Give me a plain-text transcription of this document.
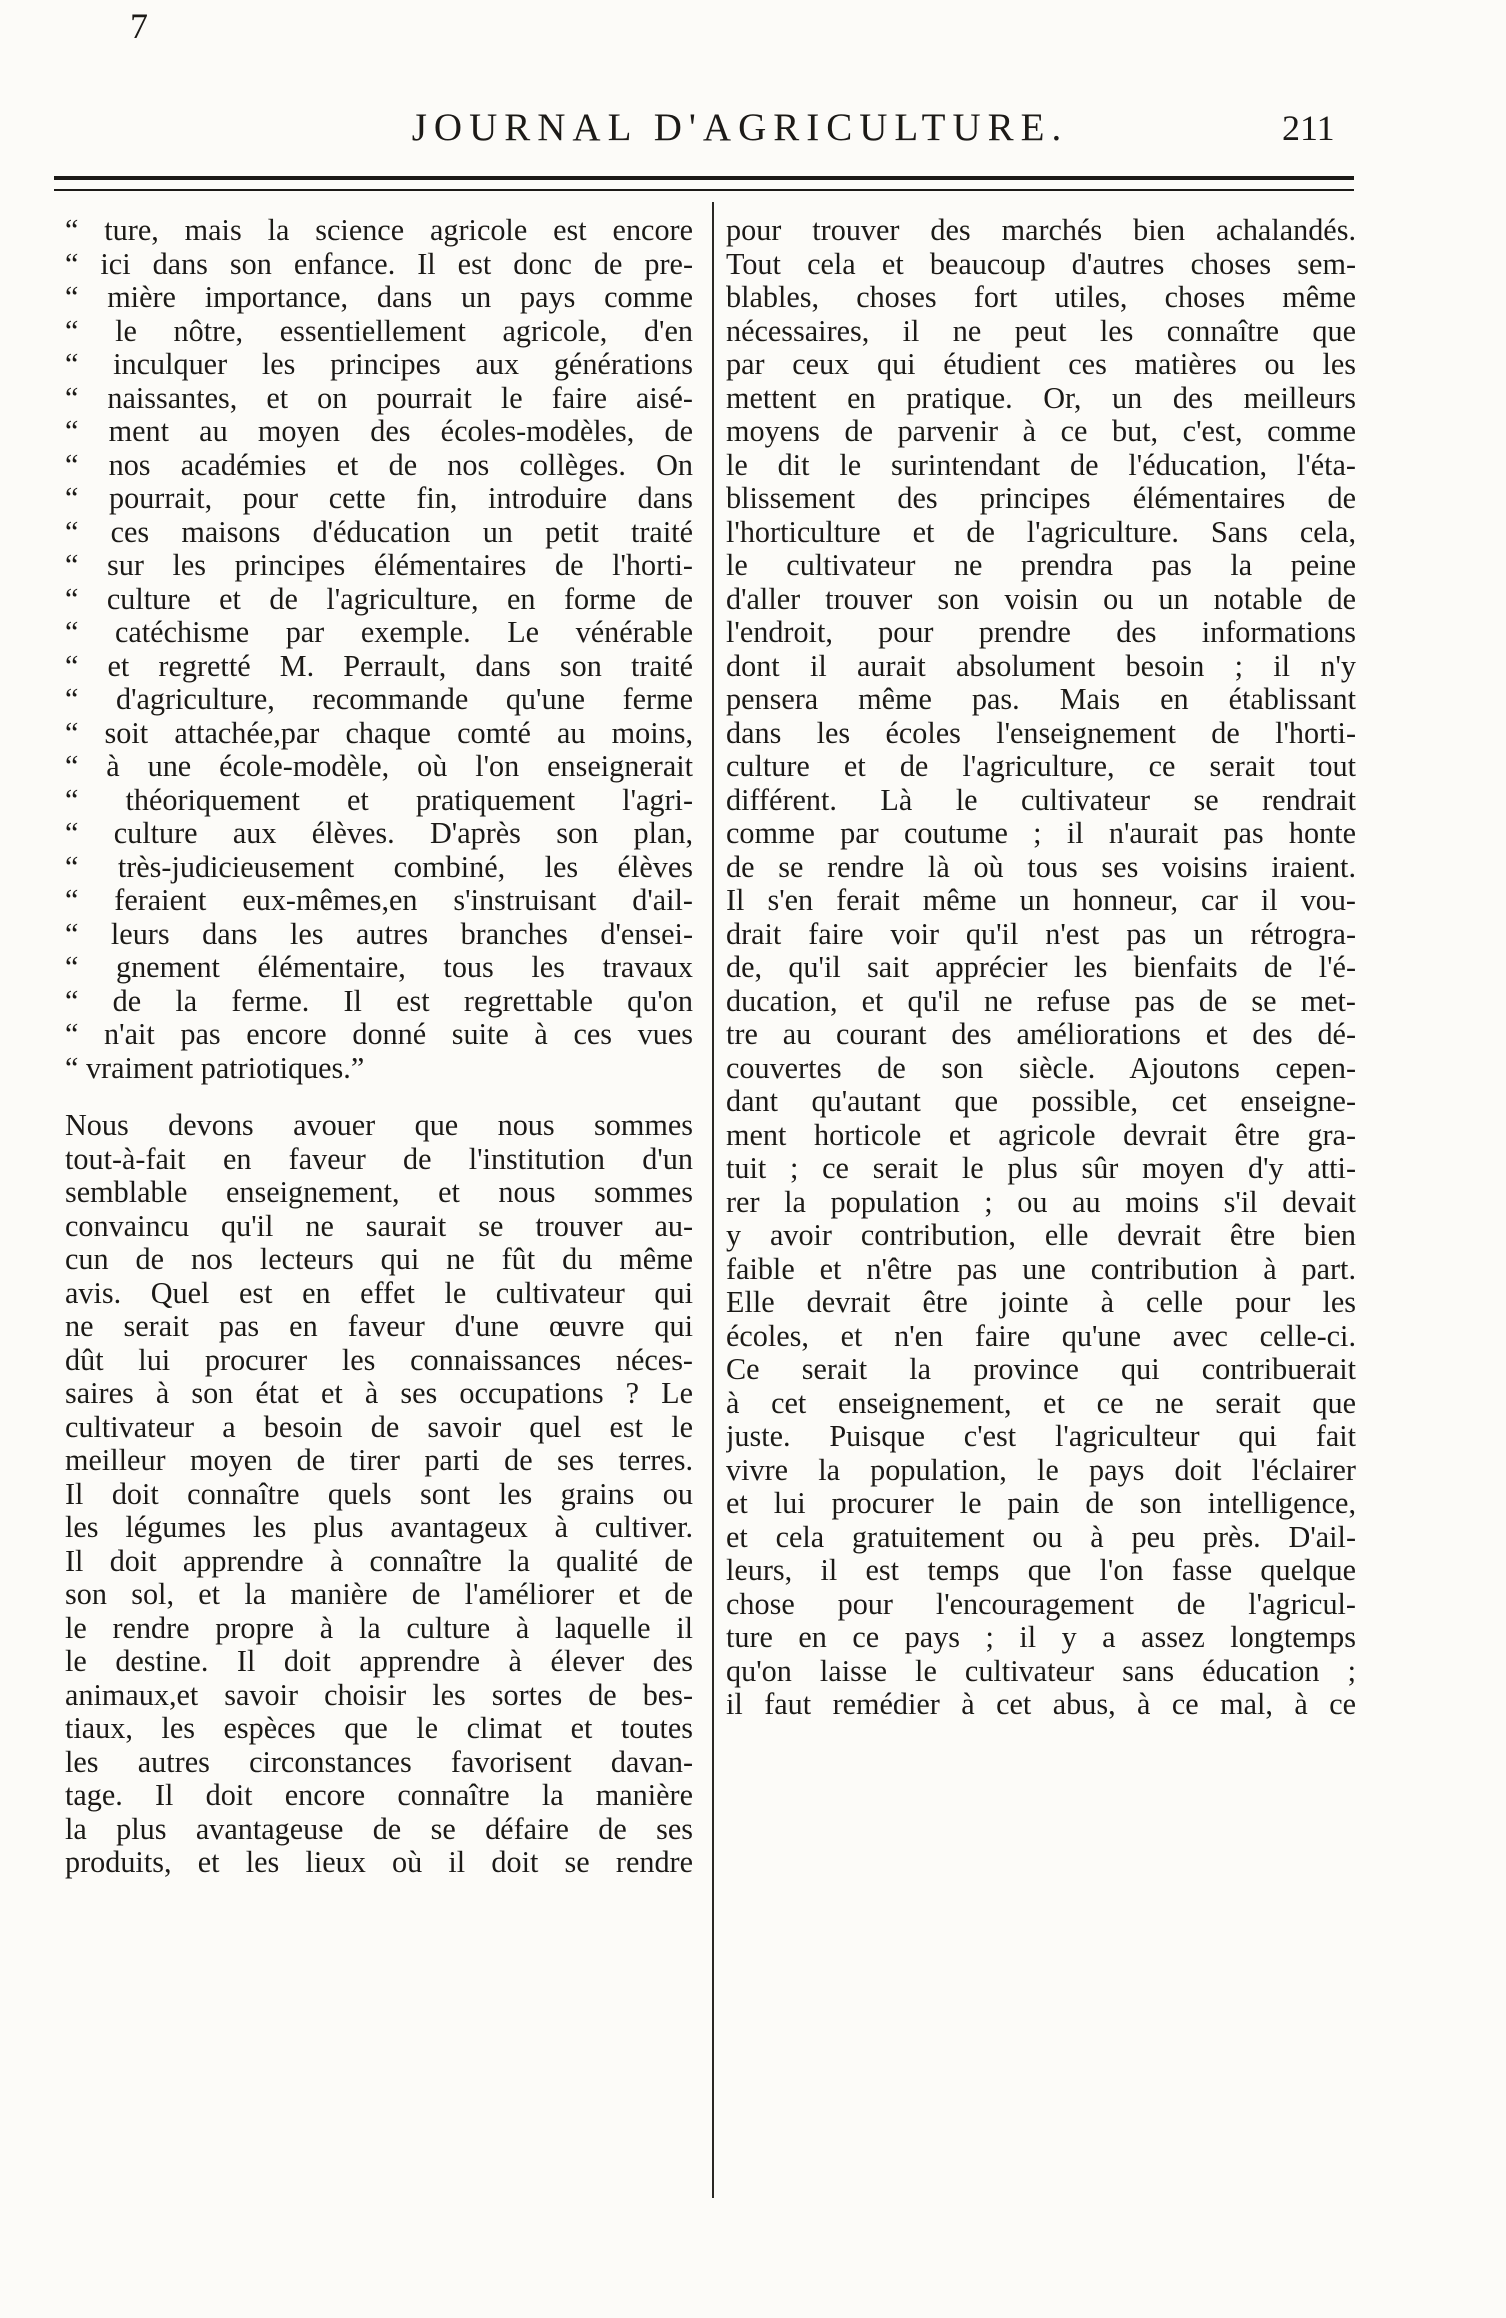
7
JOURNAL D'AGRICULTURE.	211
“ ture, mais la science agricole est encore
“ ici dans son enfance. Il est donc de pre-
“ mière importance, dans un pays comme
“ le nôtre, essentiellement agricole, d'en
“ inculquer les principes aux générations
“ naissantes, et on pourrait le faire aisé-
“ ment au moyen des écoles-modèles, de
“ nos académies et de nos collèges. On
“ pourrait, pour cette fin, introduire dans
“ ces maisons d'éducation un petit traité
“ sur les principes élémentaires de l'horti-
“ culture et de l'agriculture, en forme de
“ catéchisme par exemple. Le vénérable
“ et regretté M. Perrault, dans son traité
“ d'agriculture, recommande qu'une ferme
“ soit attachée,par chaque comté au moins,
“ à une école-modèle, où l'on enseignerait
“ théoriquement et pratiquement l'agri-
“ culture aux élèves. D'après son plan,
“ très-judicieusement combiné, les élèves
“ feraient eux-mêmes,en s'instruisant d'ail-
“ leurs dans les autres branches d'ensei-
“ gnement élémentaire, tous les travaux
“ de la ferme. Il est regrettable qu'on
“ n'ait pas encore donné suite à ces vues
“ vraiment patriotiques.”
Nous devons avouer que nous sommes
tout-à-fait en faveur de l'institution d'un
semblable enseignement, et nous sommes
convaincu qu'il ne saurait se trouver au-
cun de nos lecteurs qui ne fût du même
avis. Quel est en effet le cultivateur qui
ne serait pas en faveur d'une œuvre qui
dût lui procurer les connaissances néces-
saires à son état et à ses occupations ? Le
cultivateur a besoin de savoir quel est le
meilleur moyen de tirer parti de ses terres.
Il doit connaître quels sont les grains ou
les légumes les plus avantageux à cultiver.
Il doit apprendre à connaître la qualité de
son sol, et la manière de l'améliorer et de
le rendre propre à la culture à laquelle il
le destine. Il doit apprendre à élever des
animaux,et savoir choisir les sortes de bes-
tiaux, les espèces que le climat et toutes
les autres circonstances favorisent davan-
tage. Il doit encore connaître la manière
la plus avantageuse de se défaire de ses
produits, et les lieux où il doit se rendre
pour trouver des marchés bien achalandés.
Tout cela et beaucoup d'autres choses sem-
blables, choses fort utiles, choses même
nécessaires, il ne peut les connaître que
par ceux qui étudient ces matières ou les
mettent en pratique. Or, un des meilleurs
moyens de parvenir à ce but, c'est, comme
le dit le surintendant de l'éducation, l'éta-
blissement des principes élémentaires de
l'horticulture et de l'agriculture. Sans cela,
le cultivateur ne prendra pas la peine
d'aller trouver son voisin ou un notable de
l'endroit, pour prendre des informations
dont il aurait absolument besoin ; il n'y
pensera même pas. Mais en établissant
dans les écoles l'enseignement de l'horti-
culture et de l'agriculture, ce serait tout
différent. Là le cultivateur se rendrait
comme par coutume ; il n'aurait pas honte
de se rendre là où tous ses voisins iraient.
Il s'en ferait même un honneur, car il vou-
drait faire voir qu'il n'est pas un rétrogra-
de, qu'il sait apprécier les bienfaits de l'é-
ducation, et qu'il ne refuse pas de se met-
tre au courant des améliorations et des dé-
couvertes de son siècle. Ajoutons cepen-
dant qu'autant que possible, cet enseigne-
ment horticole et agricole devrait être gra-
tuit ; ce serait le plus sûr moyen d'y atti-
rer la population ; ou au moins s'il devait
y avoir contribution, elle devrait être bien
faible et n'être pas une contribution à part.
Elle devrait être jointe à celle pour les
écoles, et n'en faire qu'une avec celle-ci.
Ce serait la province qui contribuerait
à cet enseignement, et ce ne serait que
juste. Puisque c'est l'agriculteur qui fait
vivre la population, le pays doit l'éclairer
et lui procurer le pain de son intelligence,
et cela gratuitement ou à peu près. D'ail-
leurs, il est temps que l'on fasse quelque
chose pour l'encouragement de l'agricul-
ture en ce pays ; il y a assez longtemps
qu'on laisse le cultivateur sans éducation ;
il faut remédier à cet abus, à ce mal, à ce
